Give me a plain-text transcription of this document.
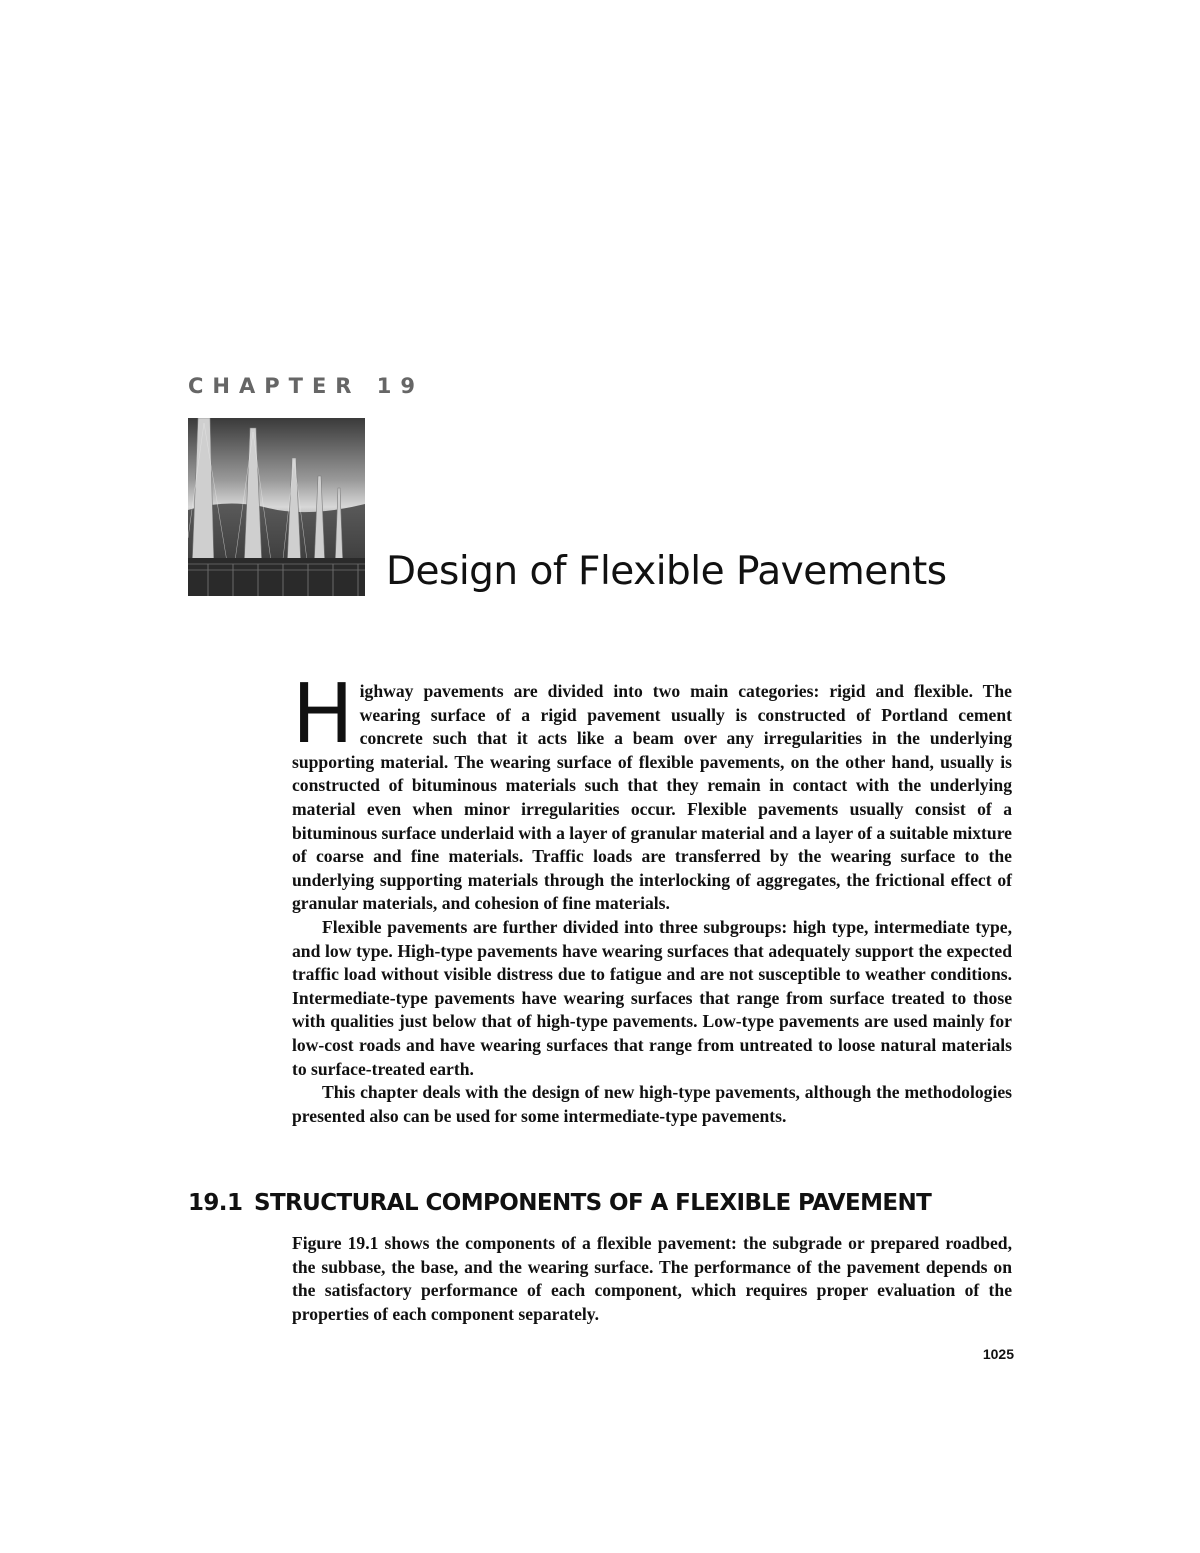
CHAPTER 19
Design of Flexible Pavements

Highway pavements are divided into two main categories: rigid and flexible. The wearing surface of a rigid pavement usually is constructed of Portland cement concrete such that it acts like a beam over any irregularities in the underlying supporting material. The wearing surface of flexible pavements, on the other hand, usually is constructed of bituminous materials such that they remain in contact with the underlying material even when minor irregularities occur. Flexible pavements usually consist of a bituminous surface underlaid with a layer of granular material and a layer of a suitable mixture of coarse and fine materials. Traffic loads are transferred by the wearing surface to the underlying supporting materials through the interlocking of aggregates, the frictional effect of granular materials, and cohesion of fine materials.

Flexible pavements are further divided into three subgroups: high type, intermediate type, and low type. High-type pavements have wearing surfaces that adequately support the expected traffic load without visible distress due to fatigue and are not susceptible to weather conditions. Intermediate-type pavements have wearing surfaces that range from surface treated to those with qualities just below that of high-type pavements. Low-type pavements are used mainly for low-cost roads and have wearing surfaces that range from untreated to loose natural materials to surface-treated earth.

This chapter deals with the design of new high-type pavements, although the methodologies presented also can be used for some intermediate-type pavements.

19.1 STRUCTURAL COMPONENTS OF A FLEXIBLE PAVEMENT

Figure 19.1 shows the components of a flexible pavement: the subgrade or prepared roadbed, the subbase, the base, and the wearing surface. The performance of the pavement depends on the satisfactory performance of each component, which requires proper evaluation of the properties of each component separately.

1025
